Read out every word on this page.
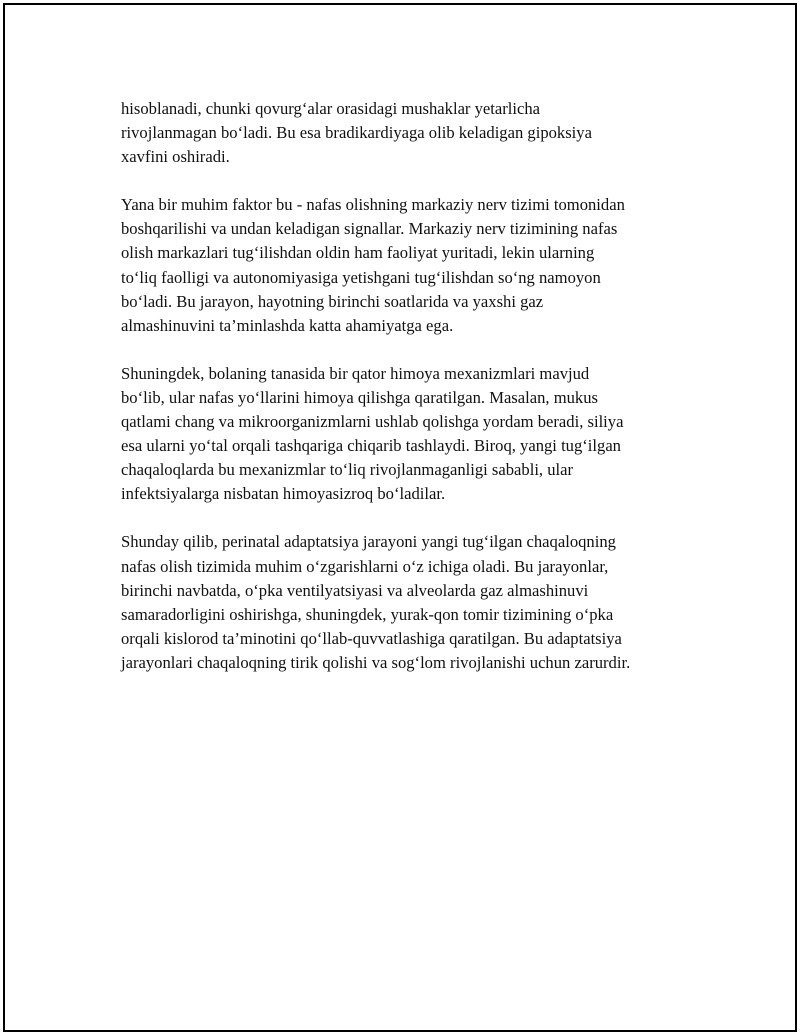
hisoblanadi, chunki qovurg‘alar orasidagi mushaklar yetarlicha
rivojlanmagan bo‘ladi. Bu esa bradikardiyaga olib keladigan gipoksiya
xavfini oshiradi.

Yana bir muhim faktor bu - nafas olishning markaziy nerv tizimi tomonidan
boshqarilishi va undan keladigan signallar. Markaziy nerv tizimining nafas
olish markazlari tug‘ilishdan oldin ham faoliyat yuritadi, lekin ularning
to‘liq faolligi va autonomiyasiga yetishgani tug‘ilishdan so‘ng namoyon
bo‘ladi. Bu jarayon, hayotning birinchi soatlarida va yaxshi gaz
almashinuvini ta’minlashda katta ahamiyatga ega.

Shuningdek, bolaning tanasida bir qator himoya mexanizmlari mavjud
bo‘lib, ular nafas yo‘llarini himoya qilishga qaratilgan. Masalan, mukus
qatlami chang va mikroorganizmlarni ushlab qolishga yordam beradi, siliya
esa ularni yo‘tal orqali tashqariga chiqarib tashlaydi. Biroq, yangi tug‘ilgan
chaqaloqlarda bu mexanizmlar to‘liq rivojlanmaganligi sababli, ular
infektsiyalarga nisbatan himoyasizroq bo‘ladilar.

Shunday qilib, perinatal adaptatsiya jarayoni yangi tug‘ilgan chaqaloqning
nafas olish tizimida muhim o‘zgarishlarni o‘z ichiga oladi. Bu jarayonlar,
birinchi navbatda, o‘pka ventilyatsiyasi va alveolarda gaz almashinuvi
samaradorligini oshirishga, shuningdek, yurak-qon tomir tizimining o‘pka
orqali kislorod ta’minotini qo‘llab-quvvatlashiga qaratilgan. Bu adaptatsiya
jarayonlari chaqaloqning tirik qolishi va sog‘lom rivojlanishi uchun zarurdir.
